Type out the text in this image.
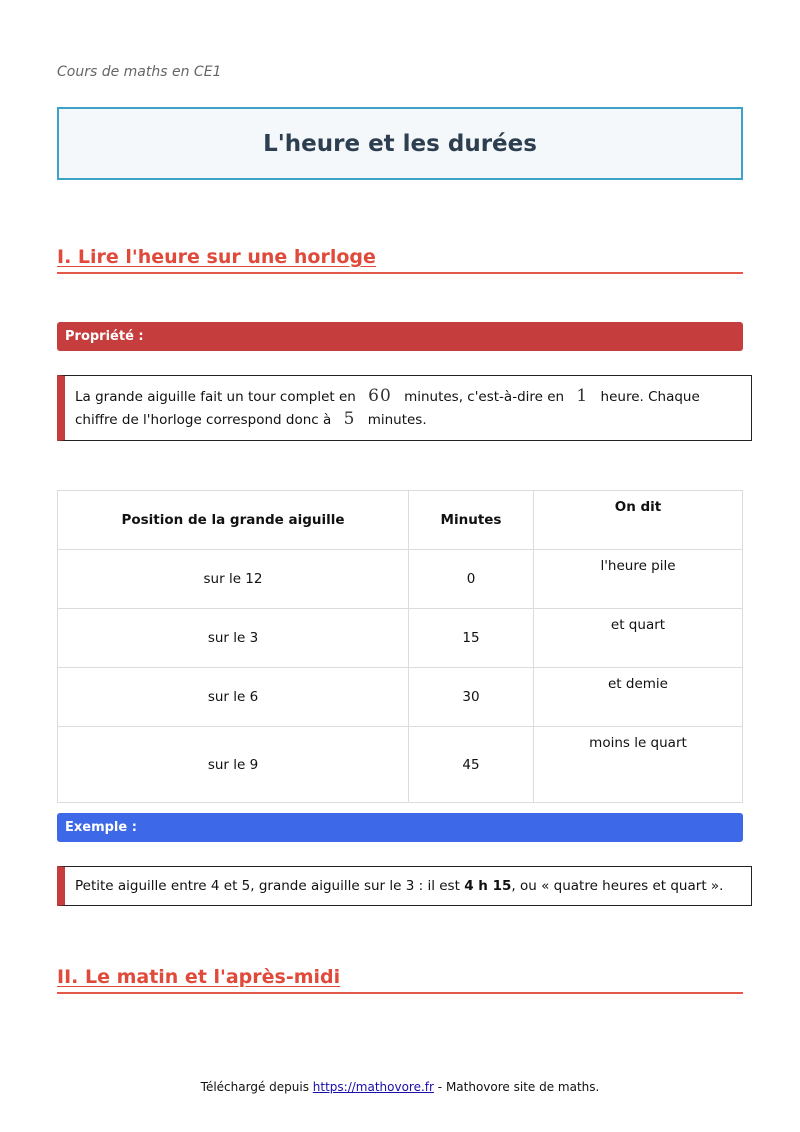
Cours de maths en CE1
L'heure et les durées
I. Lire l'heure sur une horloge
Propriété :
La grande aiguille fait un tour complet en 60 minutes, c'est-à-dire en 1 heure. Chaque chiffre de l'horloge correspond donc à 5 minutes.
Position de la grande aiguille	Minutes	On dit
sur le 12	0	l'heure pile
sur le 3	15	et quart
sur le 6	30	et demie
sur le 9	45	moins le quart
Exemple :
Petite aiguille entre 4 et 5, grande aiguille sur le 3 : il est 4 h 15, ou « quatre heures et quart ».
II. Le matin et l'après-midi
Téléchargé depuis https://mathovore.fr - Mathovore site de maths.
